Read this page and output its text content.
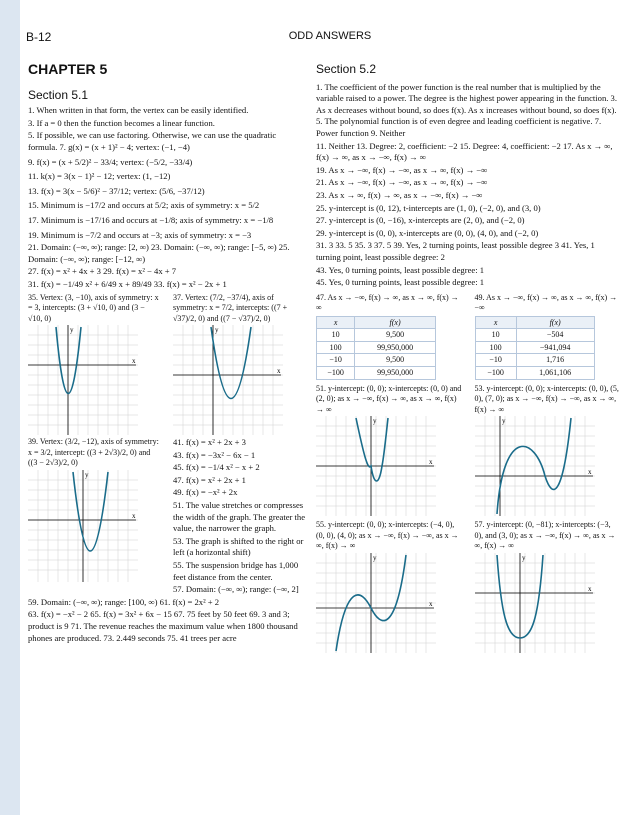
B-12	ODD ANSWERS
CHAPTER 5
Section 5.1

1. When written in that form, the vertex can be easily identified.

3. If a = 0 then the function becomes a linear function.

5. If possible, we can use factoring. Otherwise, we can use the quadratic formula. 7. g(x) = (x + 1)² − 4; vertex: (−1, −4)

9. f(x) = (x + 5/2)² − 33/4; vertex: (−5/2, −33/4)

11. k(x) = 3(x − 1)² − 12; vertex: (1, −12)

13. f(x) = 3(x − 5/6)² − 37/12; vertex: (5/6, −37/12)

15. Minimum is −17/2 and occurs at 5/2; axis of symmetry: x = 5/2

17. Minimum is −17/16 and occurs at −1/8; axis of symmetry: x = −1/8

19. Minimum is −7/2 and occurs at −3; axis of symmetry: x = −3

21. Domain: (−∞, ∞); range: [2, ∞) 23. Domain: (−∞, ∞); range: [−5, ∞) 25. Domain: (−∞, ∞); range: [−12, ∞)

27. f(x) = x² + 4x + 3 29. f(x) = x² − 4x + 7

31. f(x) = −1/49 x² + 6/49 x + 89/49 33. f(x) = x² − 2x + 1

35. Vertex: (3, −10), axis of symmetry: x = 3, intercepts: (3 + √10, 0) and (3 − √10, 0)

x
y

37. Vertex: (7/2, −37/4), axis of symmetry: x = 7/2, intercepts: ((7 + √37)/2, 0) and ((7 − √37)/2, 0)

x
y

39. Vertex: (3/2, −12), axis of symmetry: x = 3/2, intercept: ((3 + 2√3)/2, 0) and ((3 − 2√3)/2, 0)

x
y

41. f(x) = x² + 2x + 3

43. f(x) = −3x² − 6x − 1

45. f(x) = −1/4 x² − x + 2

47. f(x) = x² + 2x + 1

49. f(x) = −x² + 2x

51. The value stretches or compresses the width of the graph. The greater the value, the narrower the graph.

53. The graph is shifted to the right or left (a horizontal shift)

55. The suspension bridge has 1,000 feet distance from the center.

57. Domain: (−∞, ∞); range: (−∞, 2]

59. Domain: (−∞, ∞); range: [100, ∞) 61. f(x) = 2x² + 2

63. f(x) = −x² − 2 65. f(x) = 3x² + 6x − 15 67. 75 feet by 50 feet 69. 3 and 3; product is 9 71. The revenue reaches the maximum value when 1800 thousand phones are produced. 73. 2.449 seconds 75. 41 trees per acre

Section 5.2

1. The coefficient of the power function is the real number that is multiplied by the variable raised to a power. The degree is the highest power appearing in the function. 3. As x decreases without bound, so does f(x). As x increases without bound, so does f(x). 5. The polynomial function is of even degree and leading coefficient is negative. 7. Power function 9. Neither

11. Neither 13. Degree: 2, coefficient: −2 15. Degree: 4, coefficient: −2 17. As x → ∞, f(x) → ∞, as x → −∞, f(x) → ∞

19. As x → −∞, f(x) → −∞, as x → ∞, f(x) → −∞

21. As x → −∞, f(x) → −∞, as x → ∞, f(x) → −∞

23. As x → ∞, f(x) → ∞, as x → −∞, f(x) → −∞

25. y-intercept is (0, 12), t-intercepts are (1, 0), (−2, 0), and (3, 0)

27. y-intercept is (0, −16), x-intercepts are (2, 0), and (−2, 0)

29. y-intercept is (0, 0), x-intercepts are (0, 0), (4, 0), and (−2, 0)

31. 3 33. 5 35. 3 37. 5 39. Yes, 2 turning points, least possible degree 3 41. Yes, 1 turning point, least possible degree: 2

43. Yes, 0 turning points, least possible degree: 1

45. Yes, 0 turning points, least possible degree: 1

47. As x → −∞, f(x) → ∞, as x → ∞, f(x) → ∞

x	f(x)
10	9,500
100	99,950,000
−10	9,500
−100	99,950,000

51. y-intercept: (0, 0); x-intercepts: (0, 0) and (2, 0); as x → −∞, f(x) → ∞, as x → ∞, f(x) → ∞

x
y

49. As x → −∞, f(x) → ∞, as x → ∞, f(x) → −∞

x	f(x)
10	−504
100	−941,094
−10	1,716
−100	1,061,106

53. y-intercept: (0, 0); x-intercepts: (0, 0), (5, 0), (7, 0); as x → −∞, f(x) → −∞, as x → ∞, f(x) → ∞

x
y

55. y-intercept: (0, 0); x-intercepts: (−4, 0), (0, 0), (4, 0); as x → −∞, f(x) → −∞, as x → ∞, f(x) → ∞

x
y

57. y-intercept: (0, −81); x-intercepts: (−3, 0), and (3, 0); as x → −∞, f(x) → ∞, as x → ∞, f(x) → ∞

x
y
